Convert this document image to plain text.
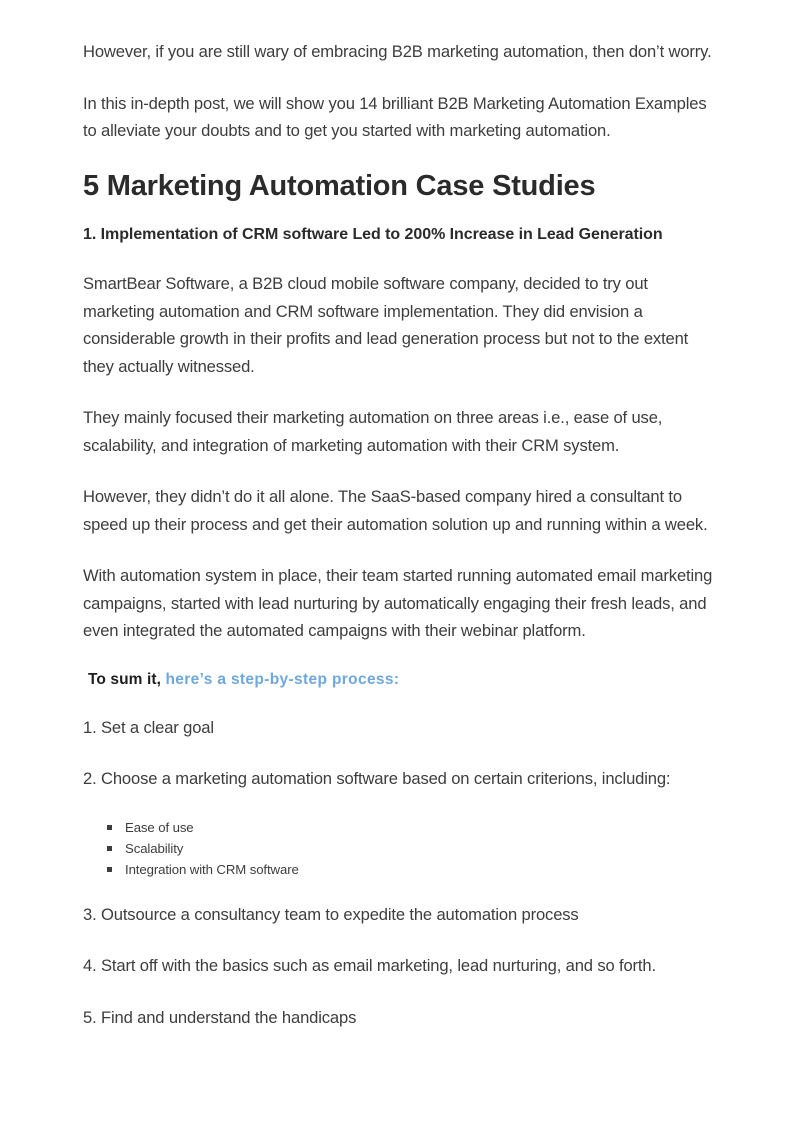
However, if you are still wary of embracing B2B marketing automation, then don’t worry.

In this in-depth post, we will show you 14 brilliant B2B Marketing Automation Examples to alleviate your doubts and to get you started with marketing automation.

5 Marketing Automation Case Studies
1. Implementation of CRM software Led to 200% Increase in Lead Generation

SmartBear Software, a B2B cloud mobile software company, decided to try out marketing automation and CRM software implementation. They did envision a considerable growth in their profits and lead generation process but not to the extent they actually witnessed.

They mainly focused their marketing automation on three areas i.e., ease of use, scalability, and integration of marketing automation with their CRM system.

However, they didn’t do it all alone. The SaaS-based company hired a consultant to speed up their process and get their automation solution up and running within a week.

With automation system in place, their team started running automated email marketing campaigns, started with lead nurturing by automatically engaging their fresh leads, and even integrated the automated campaigns with their webinar platform.

To sum it, here’s a step-by-step process:

1. Set a clear goal

2. Choose a marketing automation software based on certain criterions, including:

Ease of use
Scalability
Integration with CRM software

3. Outsource a consultancy team to expedite the automation process

4. Start off with the basics such as email marketing, lead nurturing, and so forth.

5. Find and understand the handicaps
